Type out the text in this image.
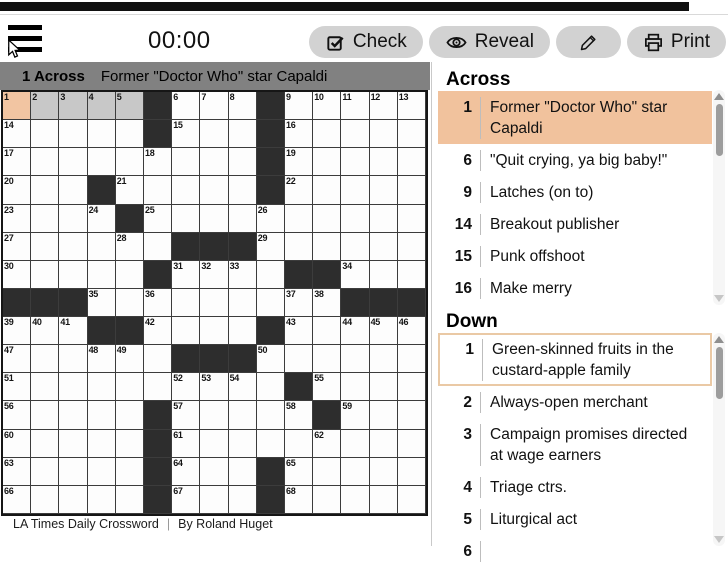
00:00	Check	Reveal	Print
1 Across Former "Doctor Who" star Capaldi
1	2	3	4	5	6	7	8	9	10 11 12 13
14	15	16
17	18	19
20	21	22
23	24	25	26
27	28	29
30	31 32 33	34
35	36	37 38
39 40 41	42	43	44 45 46
47	48 49	50
51	52 53 54	55
56	57	58	59
60	61	62
63	64	65
66	67	68
LA Times Daily Crossword | By Roland Huget
Across
1	Former "Doctor Who" star Capaldi
6	"Quit crying, ya big baby!"
9	Latches (on to)
14	Breakout publisher
15	Punk offshoot
16	Make merry
Down
1	Green-skinned fruits in the custard-apple family
2	Always-open merchant
3	Campaign promises directed at wage earners
4	Triage ctrs.
5	Liturgical act
6
